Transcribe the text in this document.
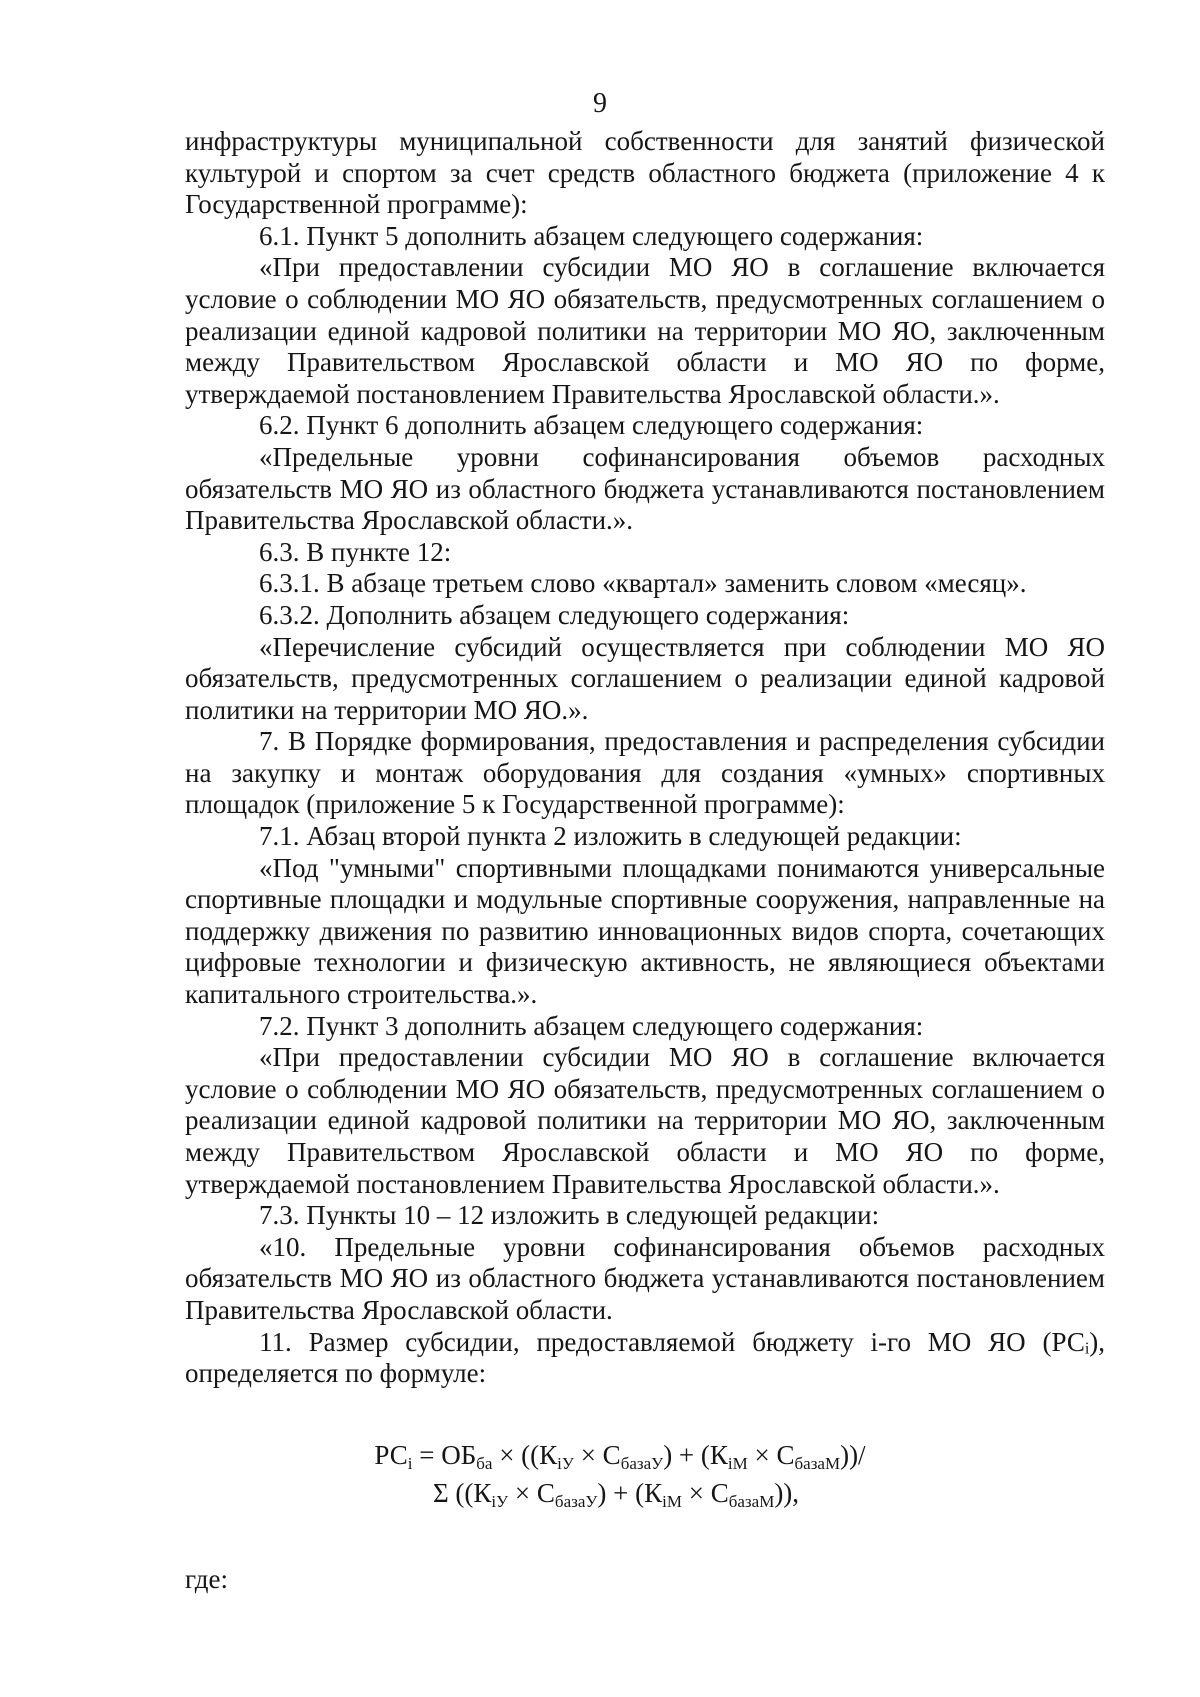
9

инфраструктуры муниципальной собственности для занятий физической культурой и спортом за счет средств областного бюджета (приложение 4 к Государственной программе):

6.1. Пункт 5 дополнить абзацем следующего содержания:

«При предоставлении субсидии МО ЯО в соглашение включается условие о соблюдении МО ЯО обязательств, предусмотренных соглашением о реализации единой кадровой политики на территории МО ЯО, заключенным между Правительством Ярославской области и МО ЯО по форме, утверждаемой постановлением Правительства Ярославской области.».

6.2. Пункт 6 дополнить абзацем следующего содержания:

«Предельные уровни софинансирования объемов расходных обязательств МО ЯО из областного бюджета устанавливаются постановлением Правительства Ярославской области.».

6.3. В пункте 12:

6.3.1. В абзаце третьем слово «квартал» заменить словом «месяц».

6.3.2. Дополнить абзацем следующего содержания:

«Перечисление субсидий осуществляется при соблюдении МО ЯО обязательств, предусмотренных соглашением о реализации единой кадровой политики на территории МО ЯО.».

7. В Порядке формирования, предоставления и распределения субсидии на закупку и монтаж оборудования для создания «умных» спортивных площадок (приложение 5 к Государственной программе):

7.1. Абзац второй пункта 2 изложить в следующей редакции:

«Под "умными" спортивными площадками понимаются универсальные спортивные площадки и модульные спортивные сооружения, направленные на поддержку движения по развитию инновационных видов спорта, сочетающих цифровые технологии и физическую активность, не являющиеся объектами капитального строительства.».

7.2. Пункт 3 дополнить абзацем следующего содержания:

«При предоставлении субсидии МО ЯО в соглашение включается условие о соблюдении МО ЯО обязательств, предусмотренных соглашением о реализации единой кадровой политики на территории МО ЯО, заключенным между Правительством Ярославской области и МО ЯО по форме, утверждаемой постановлением Правительства Ярославской области.».

7.3. Пункты 10 – 12 изложить в следующей редакции:

«10. Предельные уровни софинансирования объемов расходных обязательств МО ЯО из областного бюджета устанавливаются постановлением Правительства Ярославской области.

11. Размер субсидии, предоставляемой бюджету i-го МО ЯО (РСᵢ), определяется по формуле:

$РС_i = ОБ_{ба} \times ((К_{iУ} \times С_{базаУ}) + (К_{iМ} \times С_{базаМ}))/$
Σ $((К_{iУ} \times С_{базаУ}) + (К_{iМ} \times С_{базаМ}))$,
где:
